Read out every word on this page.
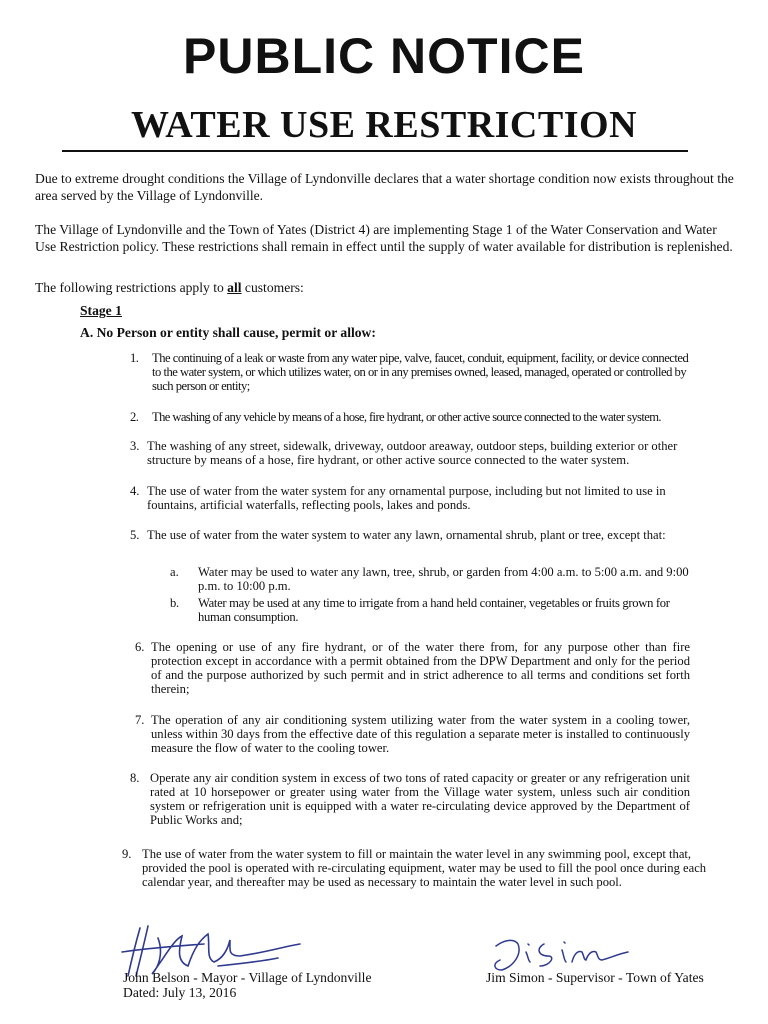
PUBLIC NOTICE
WATER USE RESTRICTION

Due to extreme drought conditions the Village of Lyndonville declares that a water shortage condition now exists throughout the area served by the Village of Lyndonville.

The Village of Lyndonville and the Town of Yates (District 4) are implementing Stage 1 of the Water Conservation and Water Use Restriction policy. These restrictions shall remain in effect until the supply of water available for distribution is replenished.

The following restrictions apply to all customers:

Stage 1

A. No Person or entity shall cause, permit or allow:

1.	The continuing of a leak or waste from any water pipe, valve, faucet, conduit, equipment, facility, or device connected to the water system, or which utilizes water, on or in any premises owned, leased, managed, operated or controlled by such person or entity;
2.	The washing of any vehicle by means of a hose, fire hydrant, or other active source connected to the water system.
3. The washing of any street, sidewalk, driveway, outdoor areaway, outdoor steps, building exterior or other structure by means of a hose, fire hydrant, or other active source connected to the water system.
4. The use of water from the water system for any ornamental purpose, including but not limited to use in fountains, artificial waterfalls, reflecting pools, lakes and ponds.
5. The use of water from the water system to water any lawn, ornamental shrub, plant or tree, except that:
a.	Water may be used to water any lawn, tree, shrub, or garden from 4:00 a.m. to 5:00 a.m. and 9:00 p.m. to 10:00 p.m.
b.	Water may be used at any time to irrigate from a hand held container, vegetables or fruits grown for human consumption.
6. The opening or use of any fire hydrant, or of the water there from, for any purpose other than fire protection except in accordance with a permit obtained from the DPW Department and only for the period of and the purpose authorized by such permit and in strict adherence to all terms and conditions set forth therein;
7. The operation of any air conditioning system utilizing water from the water system in a cooling tower, unless within 30 days from the effective date of this regulation a separate meter is installed to continuously measure the flow of water to the cooling tower.
8. Operate any air condition system in excess of two tons of rated capacity or greater or any refrigeration unit rated at 10 horsepower or greater using water from the Village water system, unless such air condition system or refrigeration unit is equipped with a water re-circulating device approved by the Department of Public Works and;
9. The use of water from the water system to fill or maintain the water level in any swimming pool, except that, provided the pool is operated with re-circulating equipment, water may be used to fill the pool once during each calendar year, and thereafter may be used as necessary to maintain the water level in such pool.
John Belson - Mayor - Village of Lyndonville
Dated: July 13, 2016
Jim Simon - Supervisor - Town of Yates
